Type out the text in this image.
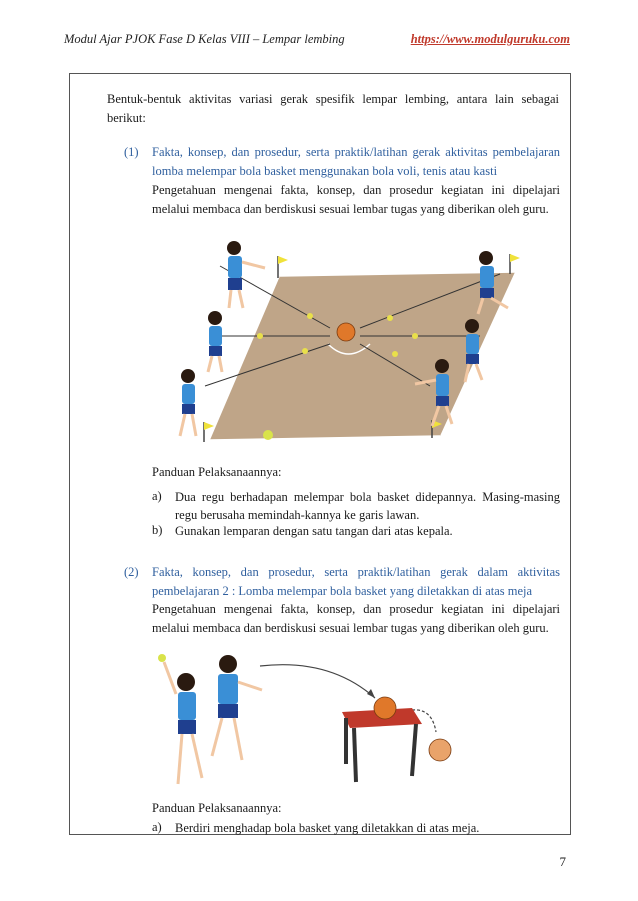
Modul Ajar PJOK Fase D Kelas VIII – Lempar lembing	https://www.modulguruku.com
Bentuk-bentuk aktivitas variasi gerak spesifik lempar lembing, antara lain sebagai berikut:
(1) Fakta, konsep, dan prosedur, serta praktik/latihan gerak aktivitas pembelajaran lomba melempar bola basket menggunakan bola voli, tenis atau kasti
Pengetahuan mengenai fakta, konsep, dan prosedur kegiatan ini dipelajari melalui membaca dan berdiskusi sesuai lembar tugas yang diberikan oleh guru.
Panduan Pelaksanaannya:
a) Dua regu berhadapan melempar bola basket didepannya. Masing-masing regu berusaha memindah-kannya ke garis lawan.
b) Gunakan lemparan dengan satu tangan dari atas kepala.
(2) Fakta, konsep, dan prosedur, serta praktik/latihan gerak dalam aktivitas pembelajaran 2 : Lomba melempar bola basket yang diletakkan di atas meja
Pengetahuan mengenai fakta, konsep, dan prosedur kegiatan ini dipelajari melalui membaca dan berdiskusi sesuai lembar tugas yang diberikan oleh guru.
Panduan Pelaksanaannya:
a) Berdiri menghadap bola basket yang diletakkan di atas meja.
7
